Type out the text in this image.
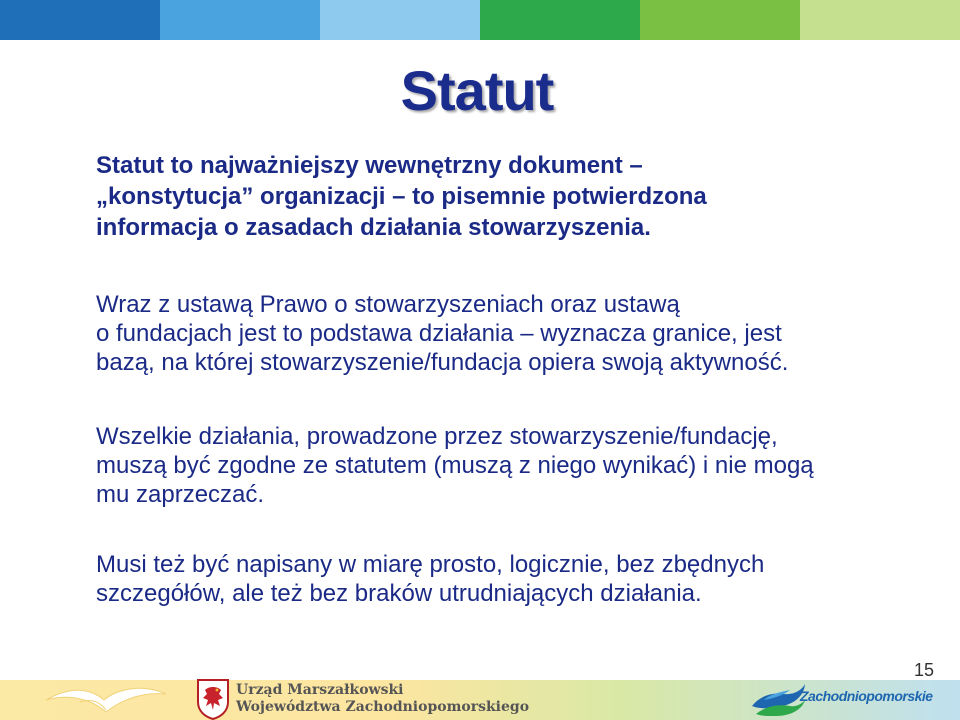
Statut
Statut to najważniejszy wewnętrzny dokument –
„konstytucja” organizacji – to pisemnie potwierdzona
informacja o zasadach działania stowarzyszenia.
Wraz z ustawą Prawo o stowarzyszeniach oraz ustawą
o fundacjach jest to podstawa działania – wyznacza granice, jest
bazą, na której stowarzyszenie/fundacja opiera swoją aktywność.
Wszelkie działania, prowadzone przez stowarzyszenie/fundację,
muszą być zgodne ze statutem (muszą z niego wynikać) i nie mogą
mu zaprzeczać.
Musi też być napisany w miarę prosto, logicznie, bez zbędnych
szczegółów, ale też bez braków utrudniających działania.
15
Urząd Marszałkowski
Województwa Zachodniopomorskiego
Zachodniopomorskie
